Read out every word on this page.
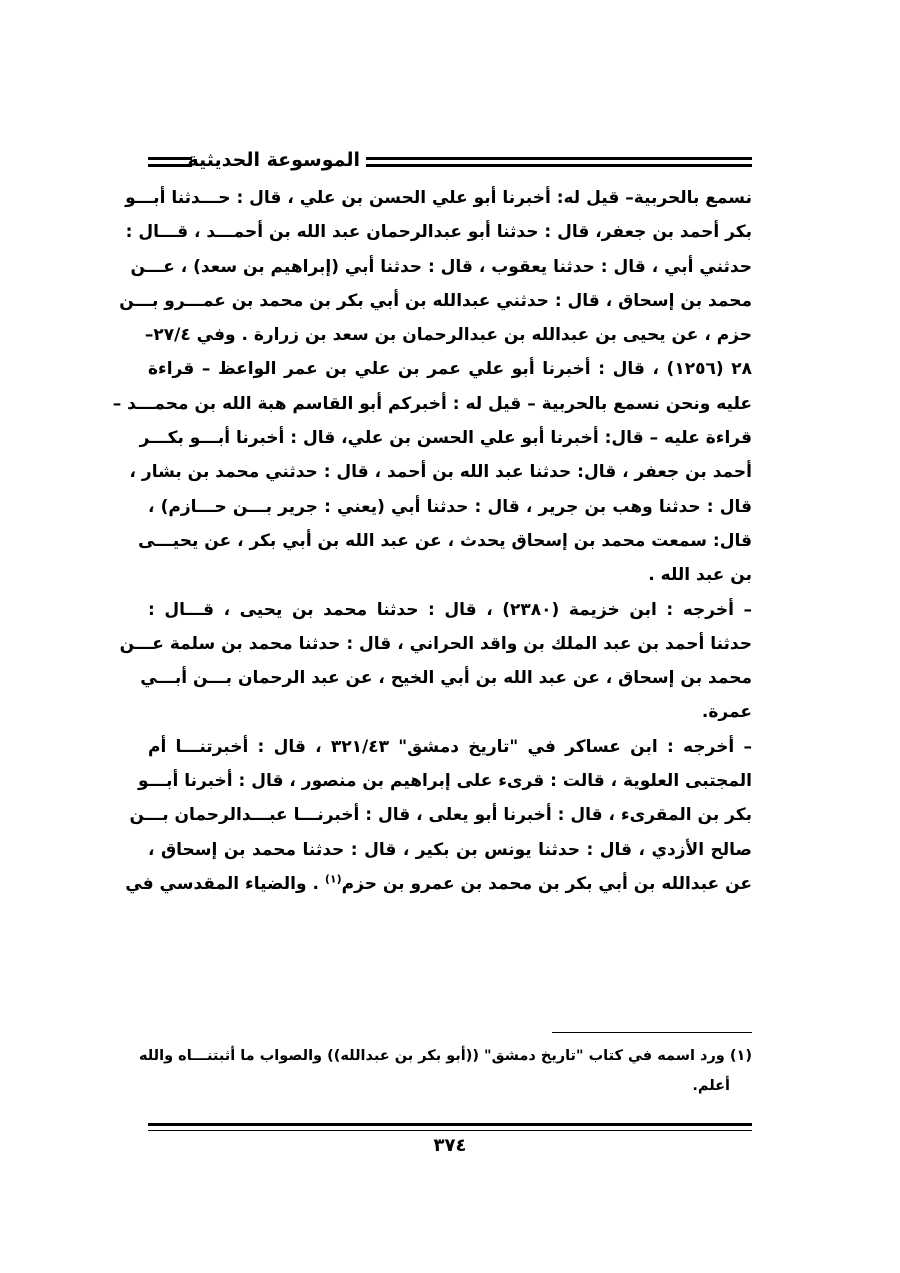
الموسوعة الحديثية
نسمع بالحربية– قيل له: أخبرنا أبو علي الحسن بن علي ، قال : حـــدثنا أبـــو
بكر أحمد بن جعفر، قال : حدثنا أبو عبدالرحمان عبد الله بن أحمـــد ، قـــال :
حدثني أبي ، قال : حدثنا يعقوب ، قال : حدثنا أبي (إبراهيم بن سعد) ، عـــن
محمد بن إسحاق ، قال : حدثني عبدالله بن أبي بكر بن محمد بن عمـــرو بـــن
حزم ، عن يحيى بن عبدالله بن عبدالرحمان بن سعد بن زرارة . وفي ٢٧/٤–
٢٨ (١٢٥٦) ، قال : أخبرنا أبو علي عمر بن علي بن عمر الواعظ – قراءة
عليه ونحن نسمع بالحربية – قيل له : أخبركم أبو القاسم هبة الله بن محمـــد –
قراءة عليه – قال: أخبرنا أبو علي الحسن بن علي، قال : أخبرنا أبـــو بكـــر
أحمد بن جعفر ، قال: حدثنا عبد الله بن أحمد ، قال : حدثني محمد بن بشار ،
قال : حدثنا وهب بن جرير ، قال : حدثنا أبي (يعني : جرير بـــن حـــازم) ،
قال: سمعت محمد بن إسحاق يحدث ، عن عبد الله بن أبي بكر ، عن يحيـــى
بن عبد الله .
– أخرجه : ابن خزيمة (٢٣٨٠) ، قال : حدثنا محمد بن يحيى ، قـــال :
حدثنا أحمد بن عبد الملك بن واقد الحراني ، قال : حدثنا محمد بن سلمة عـــن
محمد بن إسحاق ، عن عبد الله بن أبي الخيح ، عن عبد الرحمان بـــن أبـــي
عمرة.
– أخرجه : ابن عساكر في "تاريخ دمشق" ٣٢١/٤٣ ، قال : أخبرتنـــا أم
المجتبى العلوية ، قالت : قرىء على إبراهيم بن منصور ، قال : أخبرنا أبـــو
بكر بن المقرىء ، قال : أخبرنا أبو يعلى ، قال : أخبرنـــا عبـــدالرحمان بـــن
صالح الأزدي ، قال : حدثنا يونس بن بكير ، قال : حدثنا محمد بن إسحاق ،
عن عبدالله بن أبي بكر بن محمد بن عمرو بن حزم$^{(١)}$ . والضياء المقدسي في
(١) ورد اسمه في كتاب "تاريخ دمشق" ((أبو بكر بن عبدالله)) والصواب ما أثبتنـــاه والله
أعلم.
٣٧٤
